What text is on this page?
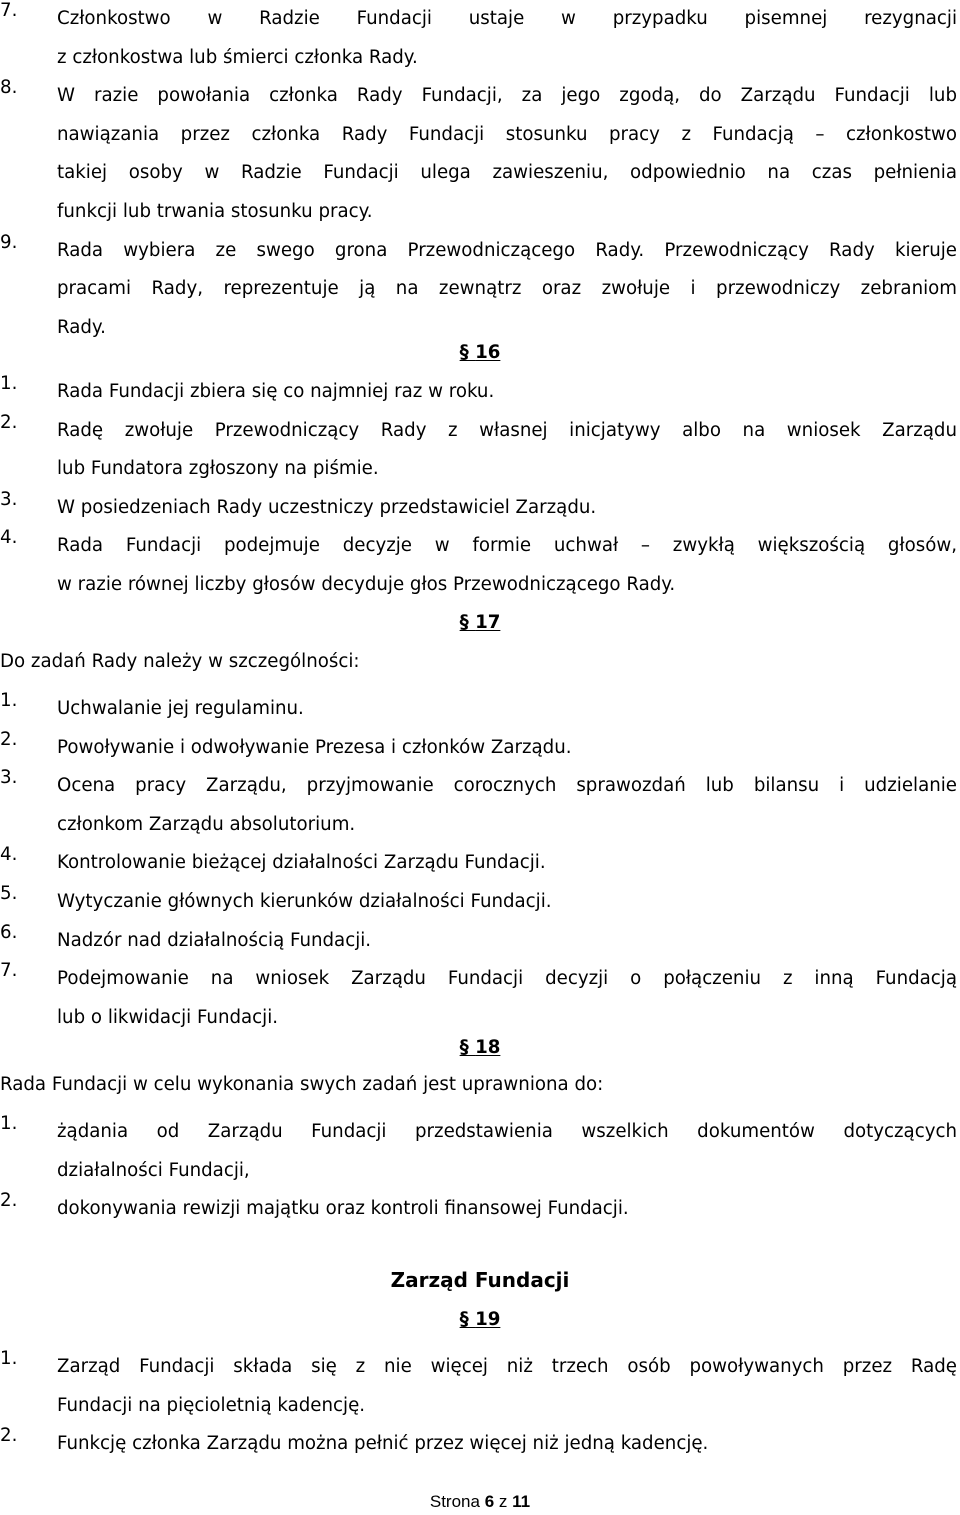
7. Członkostwo w Radzie Fundacji ustaje w przypadku pisemnej rezygnacji
z członkostwa lub śmierci członka Rady.
8. W razie powołania członka Rady Fundacji, za jego zgodą, do Zarządu Fundacji lub
nawiązania przez członka Rady Fundacji stosunku pracy z Fundacją – członkostwo
takiej osoby w Radzie Fundacji ulega zawieszeniu, odpowiednio na czas pełnienia
funkcji lub trwania stosunku pracy.
9. Rada wybiera ze swego grona Przewodniczącego Rady. Przewodniczący Rady kieruje
pracami Rady, reprezentuje ją na zewnątrz oraz zwołuje i przewodniczy zebraniom
Rady.
§ 16
1. Rada Fundacji zbiera się co najmniej raz w roku.
2. Radę zwołuje Przewodniczący Rady z własnej inicjatywy albo na wniosek Zarządu
lub Fundatora zgłoszony na piśmie.
3. W posiedzeniach Rady uczestniczy przedstawiciel Zarządu.
4. Rada Fundacji podejmuje decyzje w formie uchwał – zwykłą większością głosów,
w razie równej liczby głosów decyduje głos Przewodniczącego Rady.
§ 17
Do zadań Rady należy w szczególności:
1. Uchwalanie jej regulaminu.
2. Powoływanie i odwoływanie Prezesa i członków Zarządu.
3. Ocena pracy Zarządu, przyjmowanie corocznych sprawozdań lub bilansu i udzielanie
członkom Zarządu absolutorium.
4. Kontrolowanie bieżącej działalności Zarządu Fundacji.
5. Wytyczanie głównych kierunków działalności Fundacji.
6. Nadzór nad działalnością Fundacji.
7. Podejmowanie na wniosek Zarządu Fundacji decyzji o połączeniu z inną Fundacją
lub o likwidacji Fundacji.
§ 18
Rada Fundacji w celu wykonania swych zadań jest uprawniona do:
1. żądania od Zarządu Fundacji przedstawienia wszelkich dokumentów dotyczących
działalności Fundacji,
2. dokonywania rewizji majątku oraz kontroli finansowej Fundacji.
Zarząd Fundacji
§ 19
1. Zarząd Fundacji składa się z nie więcej niż trzech osób powoływanych przez Radę
Fundacji na pięcioletnią kadencję.
2. Funkcję członka Zarządu można pełnić przez więcej niż jedną kadencję.
Strona 6 z 11
